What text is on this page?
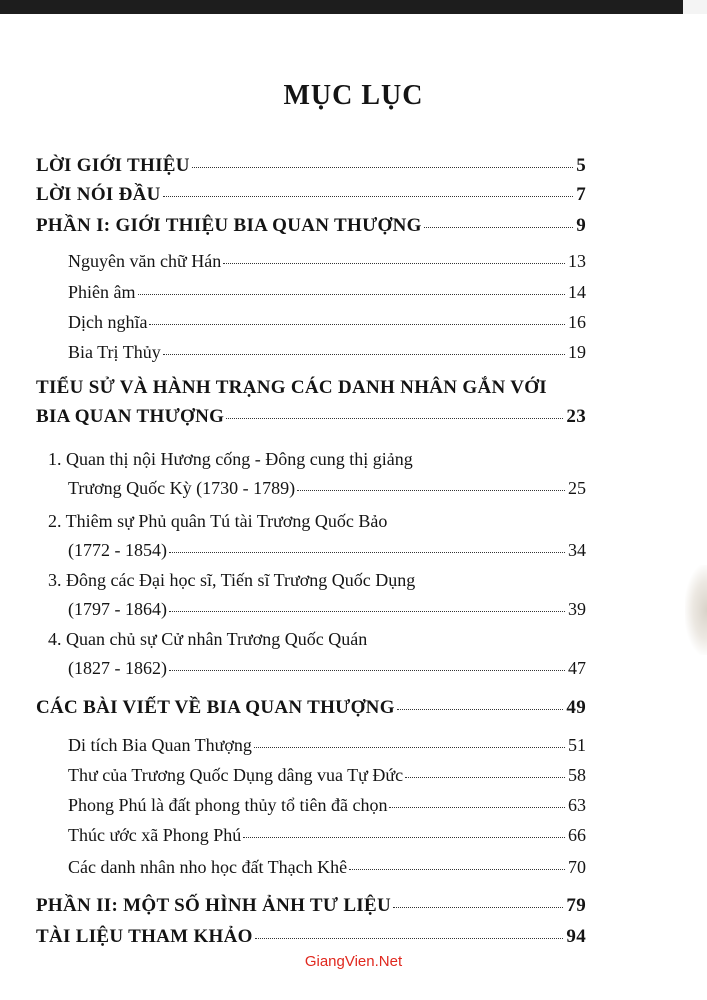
MỤC LỤC
LỜI GIỚI THIỆU	5
LỜI NÓI ĐẦU	7
PHẦN I: GIỚI THIỆU BIA QUAN THƯỢNG	9
Nguyên văn chữ Hán	13
Phiên âm	14
Dịch nghĩa	16
Bia Trị Thủy	19
TIỂU SỬ VÀ HÀNH TRẠNG CÁC DANH NHÂN GẮN VỚI
BIA QUAN THƯỢNG	23
1. Quan thị nội Hương cống - Đông cung thị giảng
Trương Quốc Kỳ (1730 - 1789)	25
2. Thiêm sự Phủ quân Tú tài Trương Quốc Bảo
(1772 - 1854)	34
3. Đông các Đại học sĩ, Tiến sĩ Trương Quốc Dụng
(1797 - 1864)	39
4. Quan chủ sự Cử nhân Trương Quốc Quán
(1827 - 1862)	47
CÁC BÀI VIẾT VỀ BIA QUAN THƯỢNG	49
Di tích Bia Quan Thượng	51
Thư của Trương Quốc Dụng dâng vua Tự Đức	58
Phong Phú là đất phong thủy tổ tiên đã chọn	63
Thúc ước xã Phong Phú	66
Các danh nhân nho học đất Thạch Khê	70
PHẦN II: MỘT SỐ HÌNH ẢNH TƯ LIỆU	79
TÀI LIỆU THAM KHẢO	94
GiangVien.Net
